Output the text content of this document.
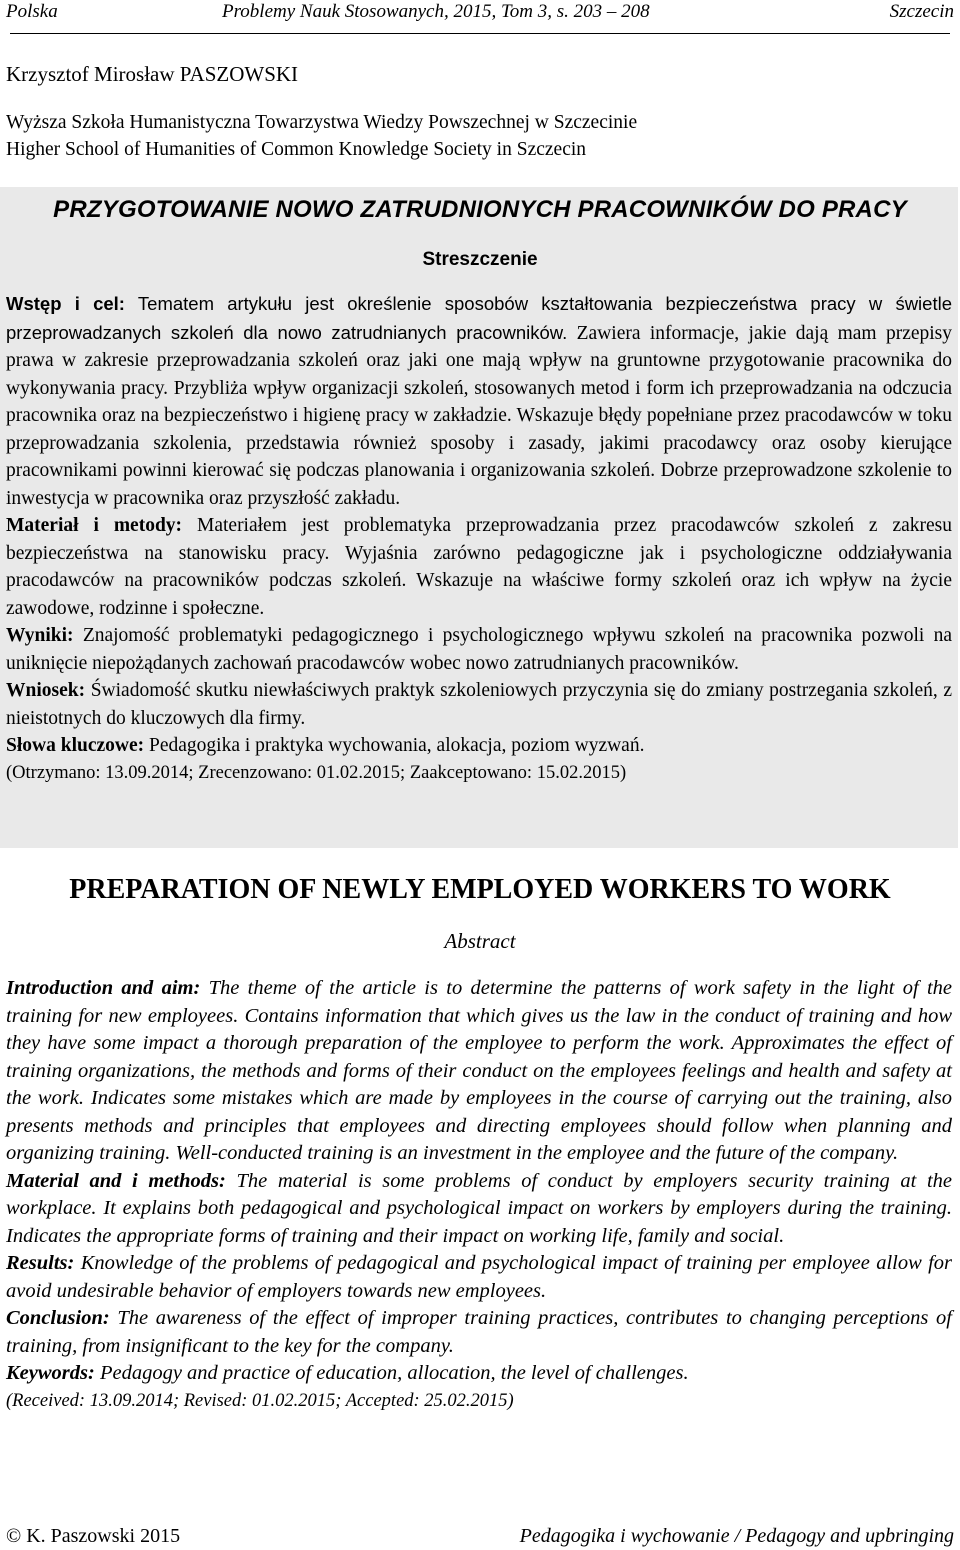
Polska	Problemy Nauk Stosowanych, 2015, Tom 3, s. 203 – 208	Szczecin
Krzysztof Mirosław PASZOWSKI
Wyższa Szkoła Humanistyczna Towarzystwa Wiedzy Powszechnej w Szczecinie
Higher School of Humanities of Common Knowledge Society in Szczecin
PRZYGOTOWANIE NOWO ZATRUDNIONYCH PRACOWNIKÓW DO PRACY
Streszczenie

Wstęp i cel: Tematem artykułu jest określenie sposobów kształtowania bezpieczeństwa pracy w świetle przeprowadzanych szkoleń dla nowo zatrudnianych pracowników. Zawiera informacje, jakie dają mam przepisy prawa w zakresie przeprowadzania szkoleń oraz jaki one mają wpływ na gruntowne przygotowanie pracownika do wykonywania pracy. Przybliża wpływ organizacji szkoleń, stosowanych metod i form ich przeprowadzania na odczucia pracownika oraz na bezpieczeństwo i higienę pracy w zakładzie. Wskazuje błędy popełniane przez pracodawców w toku przeprowadzania szkolenia, przedstawia również sposoby i zasady, jakimi pracodawcy oraz osoby kierujące pracownikami powinni kierować się podczas planowania i organizowania szkoleń. Dobrze przeprowadzone szkolenie to inwestycja w pracownika oraz przyszłość zakładu.

Materiał i metody: Materiałem jest problematyka przeprowadzania przez pracodawców szkoleń z zakresu bezpieczeństwa na stanowisku pracy. Wyjaśnia zarówno pedagogiczne jak i psychologiczne oddziaływania pracodawców na pracowników podczas szkoleń. Wskazuje na właściwe formy szkoleń oraz ich wpływ na życie zawodowe, rodzinne i społeczne.

Wyniki: Znajomość problematyki pedagogicznego i psychologicznego wpływu szkoleń na pracownika pozwoli na uniknięcie niepożądanych zachowań pracodawców wobec nowo zatrudnianych pracowników.

Wniosek: Świadomość skutku niewłaściwych praktyk szkoleniowych przyczynia się do zmiany postrzegania szkoleń, z nieistotnych do kluczowych dla firmy.

Słowa kluczowe: Pedagogika i praktyka wychowania, alokacja, poziom wyzwań.

(Otrzymano: 13.09.2014; Zrecenzowano: 01.02.2015; Zaakceptowano: 15.02.2015)

PREPARATION OF NEWLY EMPLOYED WORKERS TO WORK
Abstract

Introduction and aim: The theme of the article is to determine the patterns of work safety in the light of the training for new employees. Contains information that which gives us the law in the conduct of training and how they have some impact a thorough preparation of the employee to perform the work. Approximates the effect of training organizations, the methods and forms of their conduct on the employees feelings and health and safety at the work. Indicates some mistakes which are made by employees in the course of carrying out the training, also presents methods and principles that employees and directing employees should follow when planning and organizing training. Well-conducted training is an investment in the employee and the future of the company.

Material and i methods: The material is some problems of conduct by employers security training at the workplace. It explains both pedagogical and psychological impact on workers by employers during the training. Indicates the appropriate forms of training and their impact on working life, family and social.

Results: Knowledge of the problems of pedagogical and psychological impact of training per employee allow for avoid undesirable behavior of employers towards new employees.

Conclusion: The awareness of the effect of improper training practices, contributes to changing perceptions of training, from insignificant to the key for the company.

Keywords: Pedagogy and practice of education, allocation, the level of challenges.

(Received: 13.09.2014; Revised: 01.02.2015; Accepted: 25.02.2015)

© K. Paszowski 2015	Pedagogika i wychowanie / Pedagogy and upbringing
